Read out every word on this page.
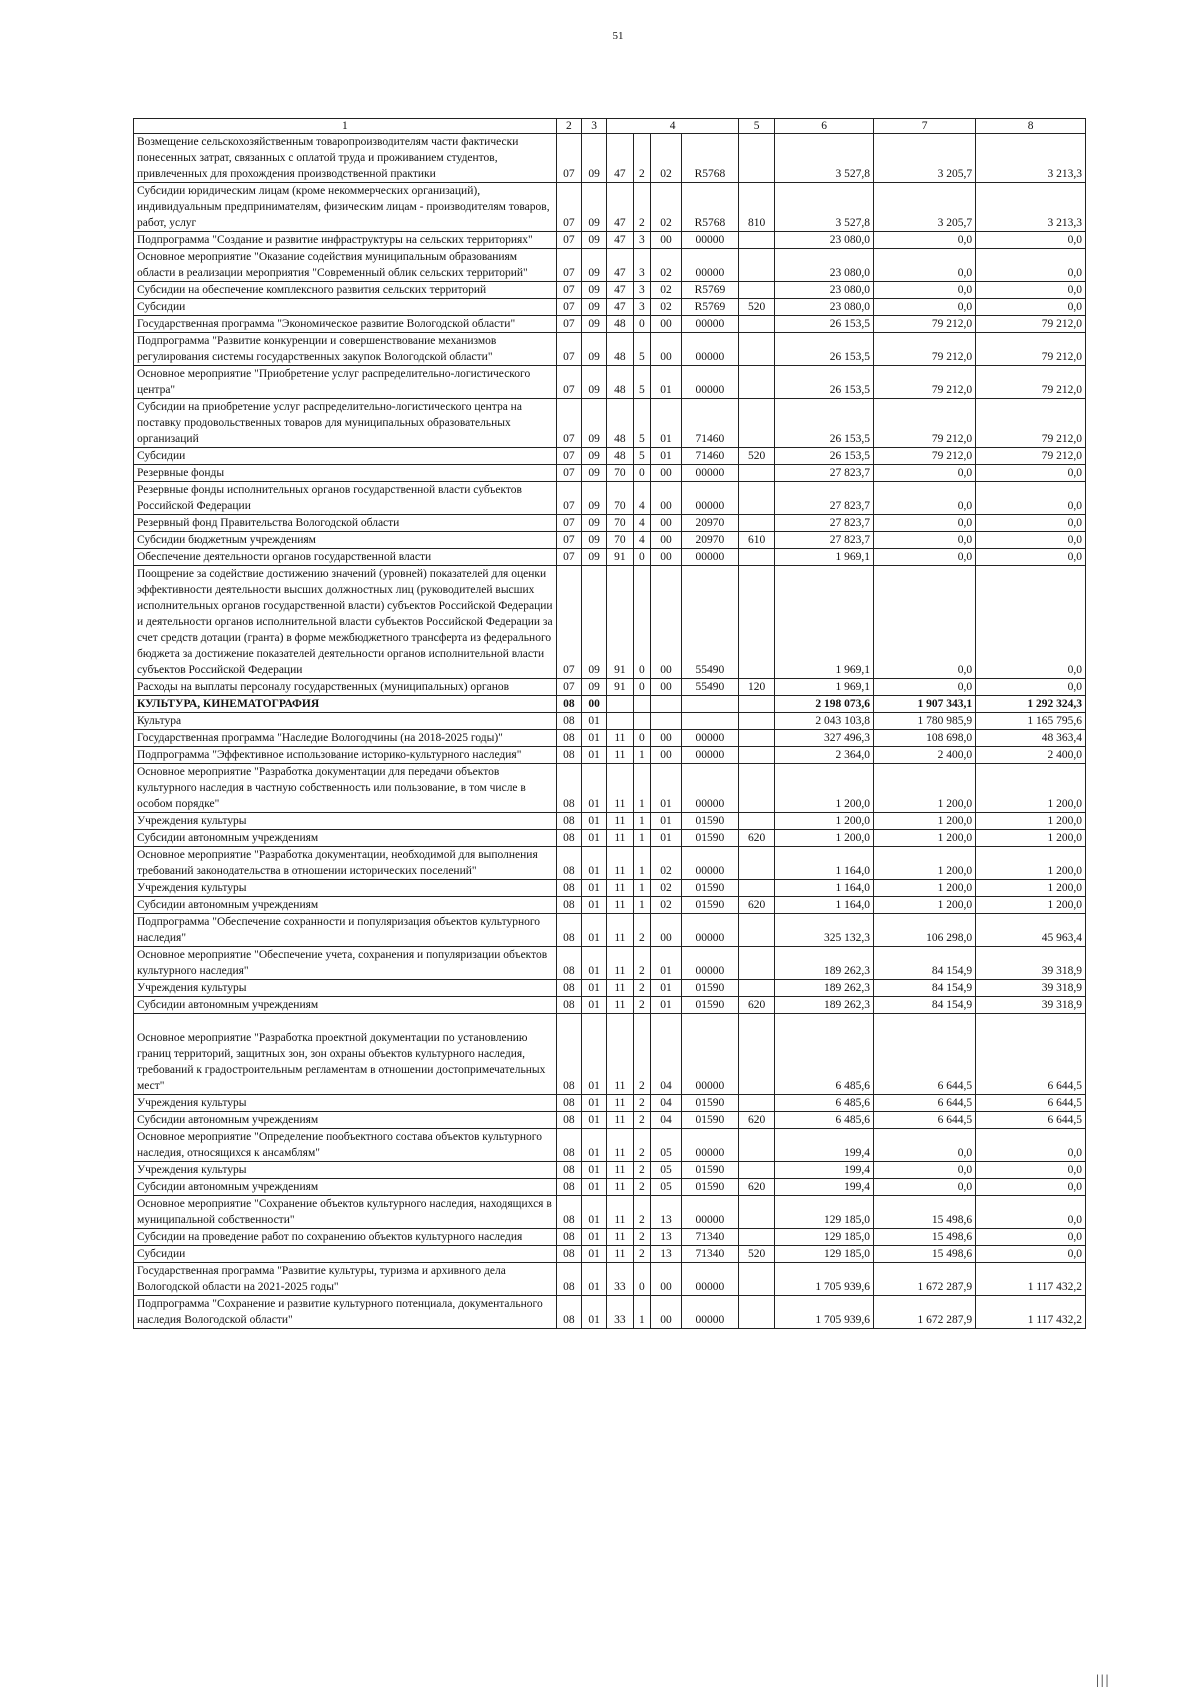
51
1	2	3	4				5	6	7	8
Возмещение сельскохозяйственным товаропроизводителям части фактически понесенных затрат, связанных с оплатой труда и проживанием студентов, привлеченных для прохождения производственной практики	07	09	47	2	02	R5768		3 527,8	3 205,7	3 213,3
Субсидии юридическим лицам (кроме некоммерческих организаций), индивидуальным предпринимателям, физическим лицам - производителям товаров, работ, услуг	07	09	47	2	02	R5768	810	3 527,8	3 205,7	3 213,3
Подпрограмма "Создание и развитие инфраструктуры на сельских территориях"	07	09	47	3	00	00000		23 080,0	0,0	0,0
Основное мероприятие "Оказание содействия муниципальным образованиям области в реализации мероприятия "Современный облик сельских территорий"	07	09	47	3	02	00000		23 080,0	0,0	0,0
Субсидии на обеспечение комплексного развития сельских территорий	07	09	47	3	02	R5769		23 080,0	0,0	0,0
Субсидии	07	09	47	3	02	R5769	520	23 080,0	0,0	0,0
Государственная программа "Экономическое развитие Вологодской области"	07	09	48	0	00	00000		26 153,5	79 212,0	79 212,0
Подпрограмма "Развитие конкуренции и совершенствование механизмов регулирования системы государственных закупок Вологодской области"	07	09	48	5	00	00000		26 153,5	79 212,0	79 212,0
Основное мероприятие "Приобретение услуг распределительно-логистического центра"	07	09	48	5	01	00000		26 153,5	79 212,0	79 212,0
Субсидии на приобретение услуг распределительно-логистического центра на поставку продовольственных товаров для муниципальных образовательных организаций	07	09	48	5	01	71460		26 153,5	79 212,0	79 212,0
Субсидии	07	09	48	5	01	71460	520	26 153,5	79 212,0	79 212,0
Резервные фонды	07	09	70	0	00	00000		27 823,7	0,0	0,0
Резервные фонды исполнительных органов государственной власти субъектов Российской Федерации	07	09	70	4	00	00000		27 823,7	0,0	0,0
Резервный фонд Правительства Вологодской области	07	09	70	4	00	20970		27 823,7	0,0	0,0
Субсидии бюджетным учреждениям	07	09	70	4	00	20970	610	27 823,7	0,0	0,0
Обеспечение деятельности органов государственной власти	07	09	91	0	00	00000		1 969,1	0,0	0,0
Поощрение за содействие достижению значений (уровней) показателей для оценки эффективности деятельности высших должностных лиц (руководителей высших исполнительных органов государственной власти) субъектов Российской Федерации и деятельности органов исполнительной власти субъектов Российской Федерации за счет средств дотации (гранта) в форме межбюджетного трансферта из федерального бюджета за достижение показателей деятельности органов исполнительной власти субъектов Российской Федерации	07	09	91	0	00	55490		1 969,1	0,0	0,0
Расходы на выплаты персоналу государственных (муниципальных) органов	07	09	91	0	00	55490	120	1 969,1	0,0	0,0
КУЛЬТУРА, КИНЕМАТОГРАФИЯ	08	00						2 198 073,6	1 907 343,1	1 292 324,3
Культура	08	01						2 043 103,8	1 780 985,9	1 165 795,6
Государственная программа "Наследие Вологодчины (на 2018-2025 годы)"	08	01	11	0	00	00000		327 496,3	108 698,0	48 363,4
Подпрограмма "Эффективное использование историко-культурного наследия"	08	01	11	1	00	00000		2 364,0	2 400,0	2 400,0
Основное мероприятие "Разработка документации для передачи объектов культурного наследия в частную собственность или пользование, в том числе в особом порядке"	08	01	11	1	01	00000		1 200,0	1 200,0	1 200,0
Учреждения культуры	08	01	11	1	01	01590		1 200,0	1 200,0	1 200,0
Субсидии автономным учреждениям	08	01	11	1	01	01590	620	1 200,0	1 200,0	1 200,0
Основное мероприятие "Разработка документации, необходимой для выполнения требований законодательства в отношении исторических поселений"	08	01	11	1	02	00000		1 164,0	1 200,0	1 200,0
Учреждения культуры	08	01	11	1	02	01590		1 164,0	1 200,0	1 200,0
Субсидии автономным учреждениям	08	01	11	1	02	01590	620	1 164,0	1 200,0	1 200,0
Подпрограмма "Обеспечение сохранности и популяризация объектов культурного наследия"	08	01	11	2	00	00000		325 132,3	106 298,0	45 963,4
Основное мероприятие "Обеспечение учета, сохранения и популяризации объектов культурного наследия"	08	01	11	2	01	00000		189 262,3	84 154,9	39 318,9
Учреждения культуры	08	01	11	2	01	01590		189 262,3	84 154,9	39 318,9
Субсидии автономным учреждениям	08	01	11	2	01	01590	620	189 262,3	84 154,9	39 318,9

Основное мероприятие "Разработка проектной документации по установлению границ территорий, защитных зон, зон охраны объектов культурного наследия, требований к градостроительным регламентам в отношении достопримечательных мест"	08	01	11	2	04	00000		6 485,6	6 644,5	6 644,5
Учреждения культуры	08	01	11	2	04	01590		6 485,6	6 644,5	6 644,5
Субсидии автономным учреждениям	08	01	11	2	04	01590	620	6 485,6	6 644,5	6 644,5
Основное мероприятие "Определение пообъектного состава объектов культурного наследия, относящихся к ансамблям"	08	01	11	2	05	00000		199,4	0,0	0,0
Учреждения культуры	08	01	11	2	05	01590		199,4	0,0	0,0
Субсидии автономным учреждениям	08	01	11	2	05	01590	620	199,4	0,0	0,0
Основное мероприятие "Сохранение объектов культурного наследия, находящихся в муниципальной собственности"	08	01	11	2	13	00000		129 185,0	15 498,6	0,0
Субсидии на проведение работ по сохранению объектов культурного наследия	08	01	11	2	13	71340		129 185,0	15 498,6	0,0
Субсидии	08	01	11	2	13	71340	520	129 185,0	15 498,6	0,0
Государственная программа "Развитие культуры, туризма и архивного дела Вологодской области на 2021-2025 годы"	08	01	33	0	00	00000		1 705 939,6	1 672 287,9	1 117 432,2
Подпрограмма "Сохранение и развитие культурного потенциала, документального наследия Вологодской области"	08	01	33	1	00	00000		1 705 939,6	1 672 287,9	1 117 432,2
|||
